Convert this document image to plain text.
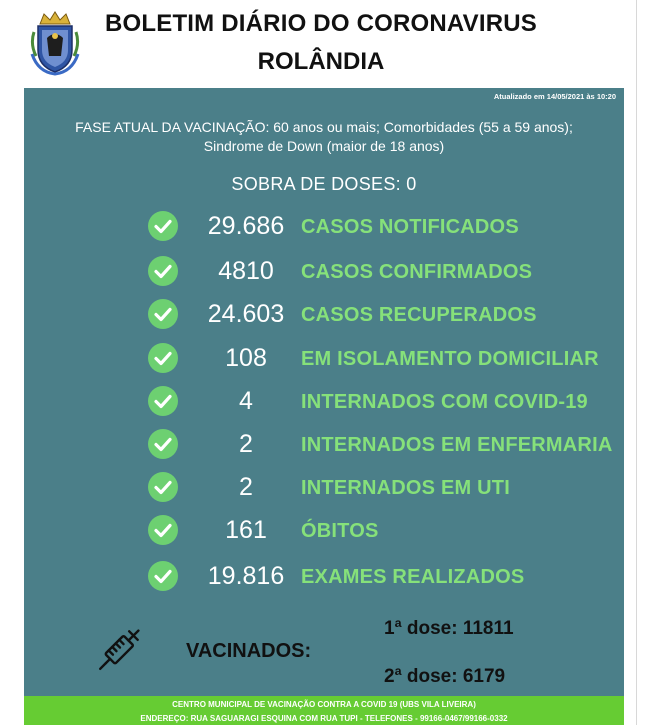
BOLETIM DIÁRIO DO CORONAVIRUS
ROLÂNDIA
Atualizado em 14/05/2021 às 10:20
FASE ATUAL DA VACINAÇÃO: 60 anos ou mais; Comorbidades (55 a 59 anos);
Sindrome de Down (maior de 18 anos)
SOBRA DE DOSES: 0
29.686 CASOS NOTIFICADOS
4810	CASOS CONFIRMADOS
24.603 CASOS RECUPERADOS
108	EM ISOLAMENTO DOMICILIAR
4	INTERNADOS COM COVID-19
2	INTERNADOS EM ENFERMARIA
2	INTERNADOS EM UTI
161	ÓBITOS
19.816 EXAMES REALIZADOS
VACINADOS:
1ª dose: 11811
2ª dose: 6179
CENTRO MUNICIPAL DE VACINAÇÃO CONTRA A COVID 19 (UBS VILA LIVEIRA)
ENDEREÇO: RUA SAGUARAGI ESQUINA COM RUA TUPI - TELEFONES - 99166-0467/99166-0332
